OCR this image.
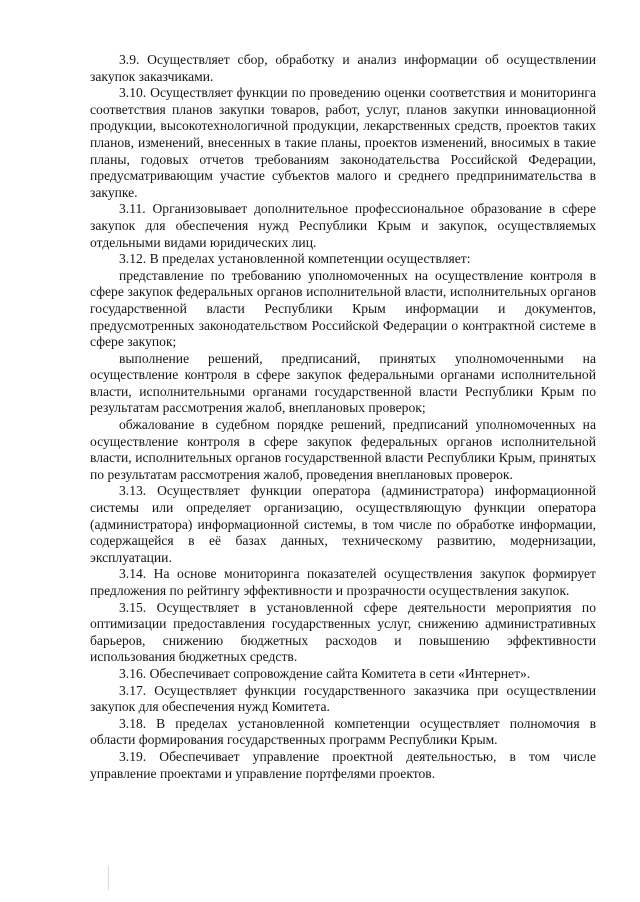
3.9. Осуществляет сбор, обработку и анализ информации об осуществлении закупок заказчиками.

3.10. Осуществляет функции по проведению оценки соответствия и мониторинга соответствия планов закупки товаров, работ, услуг, планов закупки инновационной продукции, высокотехнологичной продукции, лекарственных средств, проектов таких планов, изменений, внесенных в такие планы, проектов изменений, вносимых в такие планы, годовых отчетов требованиям законодательства Российской Федерации, предусматривающим участие субъектов малого и среднего предпринимательства в закупке.

3.11. Организовывает дополнительное профессиональное образование в сфере закупок для обеспечения нужд Республики Крым и закупок, осуществляемых отдельными видами юридических лиц.

3.12. В пределах установленной компетенции осуществляет:

представление по требованию уполномоченных на осуществление контроля в сфере закупок федеральных органов исполнительной власти, исполнительных органов государственной власти Республики Крым информации и документов, предусмотренных законодательством Российской Федерации о контрактной системе в сфере закупок;

выполнение решений, предписаний, принятых уполномоченными на осуществление контроля в сфере закупок федеральными органами исполнительной власти, исполнительными органами государственной власти Республики Крым по результатам рассмотрения жалоб, внеплановых проверок;

обжалование в судебном порядке решений, предписаний уполномоченных на осуществление контроля в сфере закупок федеральных органов исполнительной власти, исполнительных органов государственной власти Республики Крым, принятых по результатам рассмотрения жалоб, проведения внеплановых проверок.

3.13. Осуществляет функции оператора (администратора) информационной системы или определяет организацию, осуществляющую функции оператора (администратора) информационной системы, в том числе по обработке информации, содержащейся в её базах данных, техническому развитию, модернизации, эксплуатации.

3.14. На основе мониторинга показателей осуществления закупок формирует предложения по рейтингу эффективности и прозрачности осуществления закупок.

3.15. Осуществляет в установленной сфере деятельности мероприятия по оптимизации предоставления государственных услуг, снижению административных барьеров, снижению бюджетных расходов и повышению эффективности использования бюджетных средств.

3.16. Обеспечивает сопровождение сайта Комитета в сети «Интернет».

3.17. Осуществляет функции государственного заказчика при осуществлении закупок для обеспечения нужд Комитета.

3.18. В пределах установленной компетенции осуществляет полномочия в области формирования государственных программ Республики Крым.

3.19. Обеспечивает управление проектной деятельностью, в том числе управление проектами и управление портфелями проектов.
